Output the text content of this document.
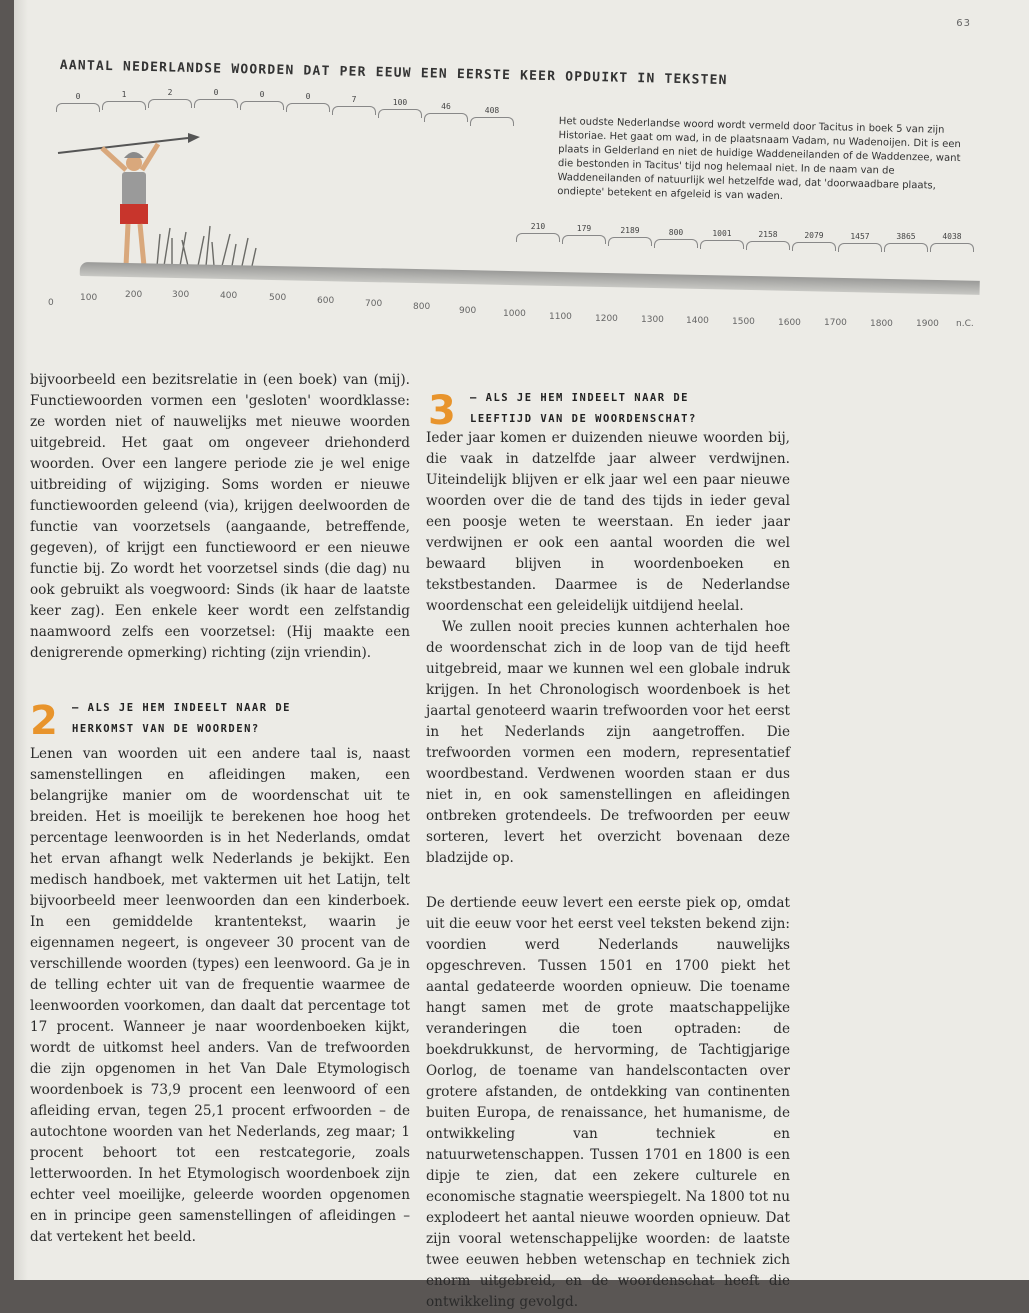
63
AANTAL NEDERLANDSE WOORDEN DAT PER EEUW EEN EERSTE KEER OPDUIKT IN TEKSTEN
0	1	2	0	0	0	7	100	46	408
210	179	2189	800	1001	2158	2079	1457	3865	4038
Het oudste Nederlandse woord wordt vermeld door Tacitus in boek 5 van zijn Historiae. Het gaat om wad, in de plaatsnaam Vadam, nu Wadenoijen. Dit is een plaats in Gelderland en niet de huidige Waddeneilanden of de Waddenzee, want die bestonden in Tacitus' tijd nog helemaal niet. In de naam van de Waddeneilanden of natuurlijk wel hetzelfde wad, dat 'doorwaadbare plaats, ondiepte' betekent en afgeleid is van waden.
0	100	200	300	400	500	600	700	800	900	1000	1100	1200	1300 1400	1500	1600	1700	1800	1900 n.C.

bijvoorbeeld een bezitsrelatie in (een boek) van (mij). Functiewoorden vormen een 'gesloten' woordklasse: ze worden niet of nauwelijks met nieuwe woorden uitgebreid. Het gaat om ongeveer driehonderd woorden. Over een langere periode zie je wel enige uitbreiding of wijziging. Soms worden er nieuwe functiewoorden geleend (via), krijgen deelwoorden de functie van voorzetsels (aangaande, betreffende, gegeven), of krijgt een functiewoord er een nieuwe functie bij. Zo wordt het voorzetsel sinds (die dag) nu ook gebruikt als voegwoord: Sinds (ik haar de laatste keer zag). Een enkele keer wordt een zelfstandig naamwoord zelfs een voorzetsel: (Hij maakte een denigrerende opmerking) richting (zijn vriendin).

2 — ALS JE HEM INDEELT NAAR DE
HERKOMST VAN DE WOORDEN?

Lenen van woorden uit een andere taal is, naast samenstellingen en afleidingen maken, een belangrijke manier om de woordenschat uit te breiden. Het is moeilijk te berekenen hoe hoog het percentage leenwoorden is in het Nederlands, omdat het ervan afhangt welk Nederlands je bekijkt. Een medisch handboek, met vaktermen uit het Latijn, telt bijvoorbeeld meer leenwoorden dan een kinderboek. In een gemiddelde krantentekst, waarin je eigennamen negeert, is ongeveer 30 procent van de verschillende woorden (types) een leenwoord. Ga je in de telling echter uit van de frequentie waarmee de leenwoorden voorkomen, dan daalt dat percentage tot 17 procent. Wanneer je naar woordenboeken kijkt, wordt de uitkomst heel anders. Van de trefwoorden die zijn opgenomen in het Van Dale Etymologisch woordenboek is 73,9 procent een leenwoord of een afleiding ervan, tegen 25,1 procent erfwoorden – de autochtone woorden van het Nederlands, zeg maar; 1 procent behoort tot een restcategorie, zoals letterwoorden. In het Etymologisch woordenboek zijn echter veel moeilijke, geleerde woorden opgenomen en in principe geen samenstellingen of afleidingen – dat vertekent het beeld.

3 — ALS JE HEM INDEELT NAAR DE
LEEFTIJD VAN DE WOORDENSCHAT?

Ieder jaar komen er duizenden nieuwe woorden bij, die vaak in datzelfde jaar alweer verdwijnen. Uiteindelijk blijven er elk jaar wel een paar nieuwe woorden over die de tand des tijds in ieder geval een poosje weten te weerstaan. En ieder jaar verdwijnen er ook een aantal woorden die wel bewaard blijven in woordenboeken en tekstbestanden. Daarmee is de Nederlandse woordenschat een geleidelijk uitdijend heelal.

We zullen nooit precies kunnen achterhalen hoe de woordenschat zich in de loop van de tijd heeft uitgebreid, maar we kunnen wel een globale indruk krijgen. In het Chronologisch woordenboek is het jaartal genoteerd waarin trefwoorden voor het eerst in het Nederlands zijn aangetroffen. Die trefwoorden vormen een modern, representatief woordbestand. Verdwenen woorden staan er dus niet in, en ook samenstellingen en afleidingen ontbreken grotendeels. De trefwoorden per eeuw sorteren, levert het overzicht bovenaan deze bladzijde op.

De dertiende eeuw levert een eerste piek op, omdat uit die eeuw voor het eerst veel teksten bekend zijn: voordien werd Nederlands nauwelijks opgeschreven. Tussen 1501 en 1700 piekt het aantal gedateerde woorden opnieuw. Die toename hangt samen met de grote maatschappelijke veranderingen die toen optraden: de boekdrukkunst, de hervorming, de Tachtigjarige Oorlog, de toename van handelscontacten over grotere afstanden, de ontdekking van continenten buiten Europa, de renaissance, het humanisme, de ontwikkeling van techniek en natuurwetenschappen. Tussen 1701 en 1800 is een dipje te zien, dat een zekere culturele en economische stagnatie weerspiegelt. Na 1800 tot nu explodeert het aantal nieuwe woorden opnieuw. Dat zijn vooral wetenschappelijke woorden: de laatste twee eeuwen hebben wetenschap en techniek zich enorm uitgebreid, en de woordenschat heeft die ontwikkeling gevolgd.
